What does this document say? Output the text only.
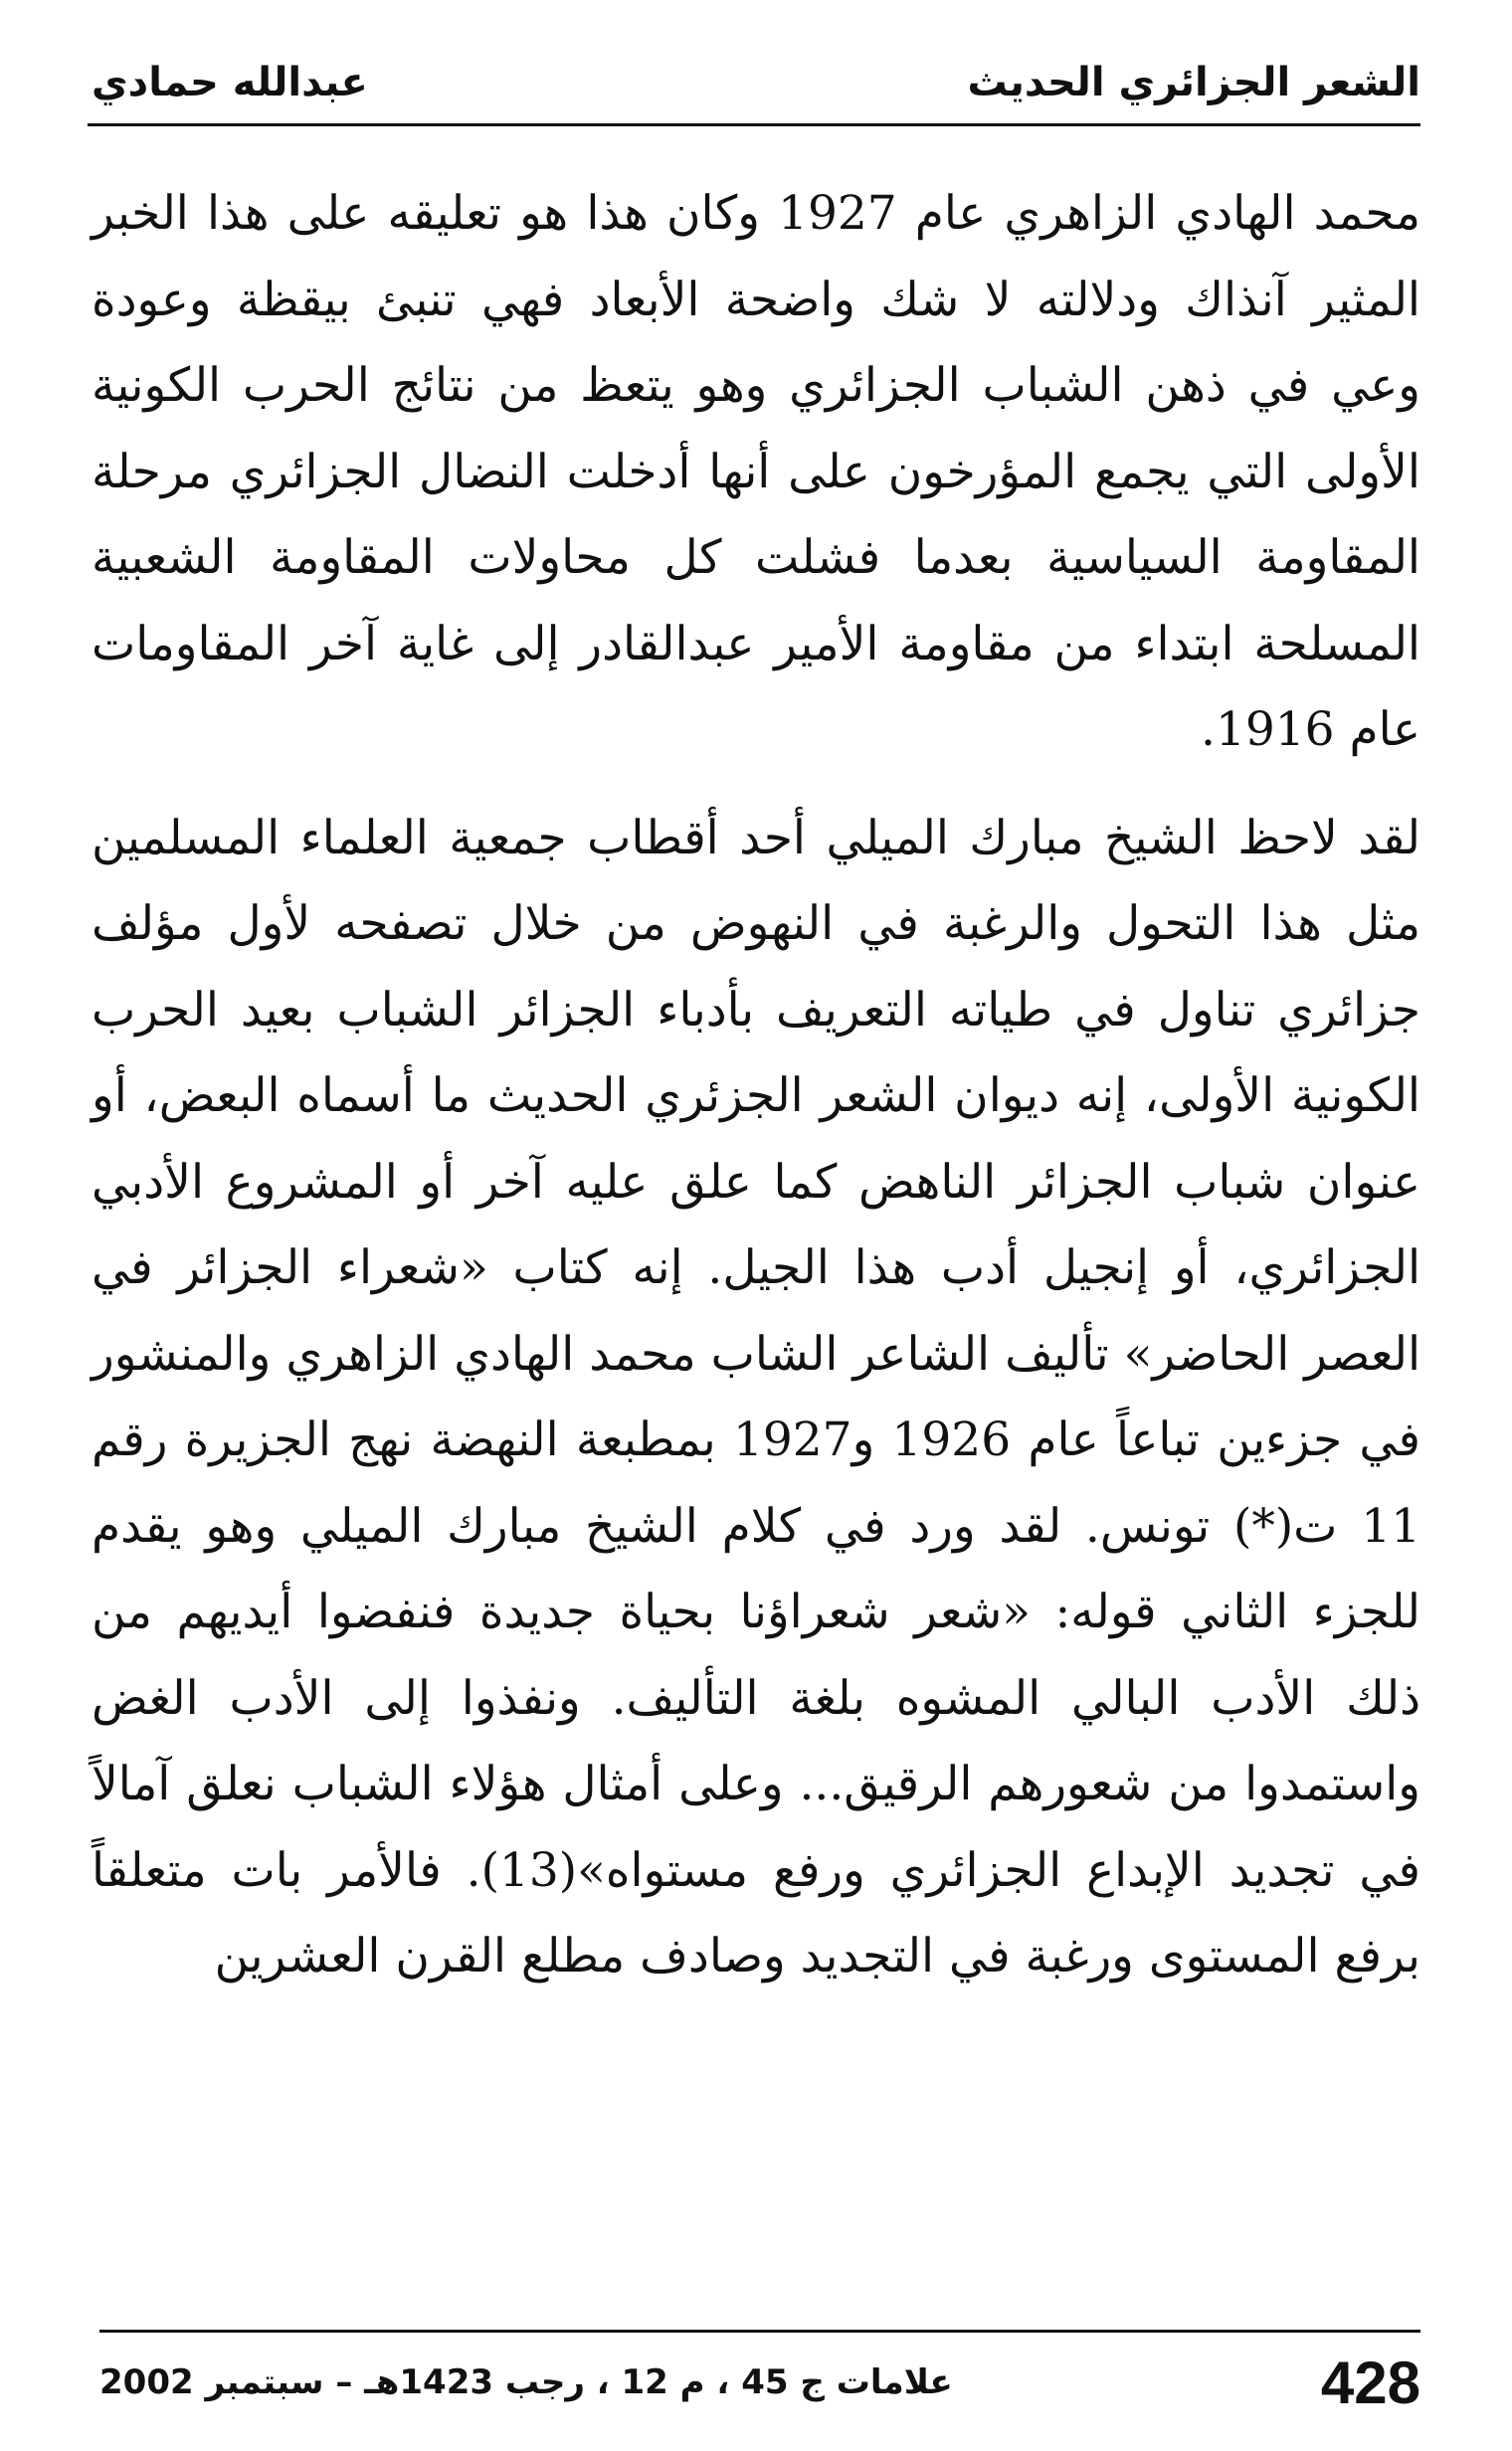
عبدالله حمادي	الشعر الجزائري الحديث

محمد الهادي الزاهري عام 1927 وكان هذا هو تعليقه على هذا الخبر المثير آنذاك ودلالته لا شك واضحة الأبعاد فهي تنبئ بيقظة وعودة وعي في ذهن الشباب الجزائري وهو يتعظ من نتائج الحرب الكونية الأولى التي يجمع المؤرخون على أنها أدخلت النضال الجزائري مرحلة المقاومة السياسية بعدما فشلت كل محاولات المقاومة الشعبية المسلحة ابتداء من مقاومة الأمير عبدالقادر إلى غاية آخر المقاومات عام 1916.

لقد لاحظ الشيخ مبارك الميلي أحد أقطاب جمعية العلماء المسلمين مثل هذا التحول والرغبة في النهوض من خلال تصفحه لأول مؤلف جزائري تناول في طياته التعريف بأدباء الجزائر الشباب بعيد الحرب الكونية الأولى، إنه ديوان الشعر الجزئري الحديث ما أسماه البعض، أو عنوان شباب الجزائر الناهض كما علق عليه آخر أو المشروع الأدبي الجزائري، أو إنجيل أدب هذا الجيل. إنه كتاب «شعراء الجزائر في العصر الحاضر» تأليف الشاعر الشاب محمد الهادي الزاهري والمنشور في جزءين تباعاً عام 1926 و1927 بمطبعة النهضة نهج الجزيرة رقم 11 ت(*) تونس. لقد ورد في كلام الشيخ مبارك الميلي وهو يقدم للجزء الثاني قوله: «شعر شعراؤنا بحياة جديدة فنفضوا أيديهم من ذلك الأدب البالي المشوه بلغة التأليف. ونفذوا إلى الأدب الغض واستمدوا من شعورهم الرقيق... وعلى أمثال هؤلاء الشباب نعلق آمالاً في تجديد الإبداع الجزائري ورفع مستواه»(13). فالأمر بات متعلقاً برفع المستوى ورغبة في التجديد وصادف مطلع القرن العشرين

علامات ج 45 ، م 12 ، رجب 1423هـ – سبتمبر 2002	428
